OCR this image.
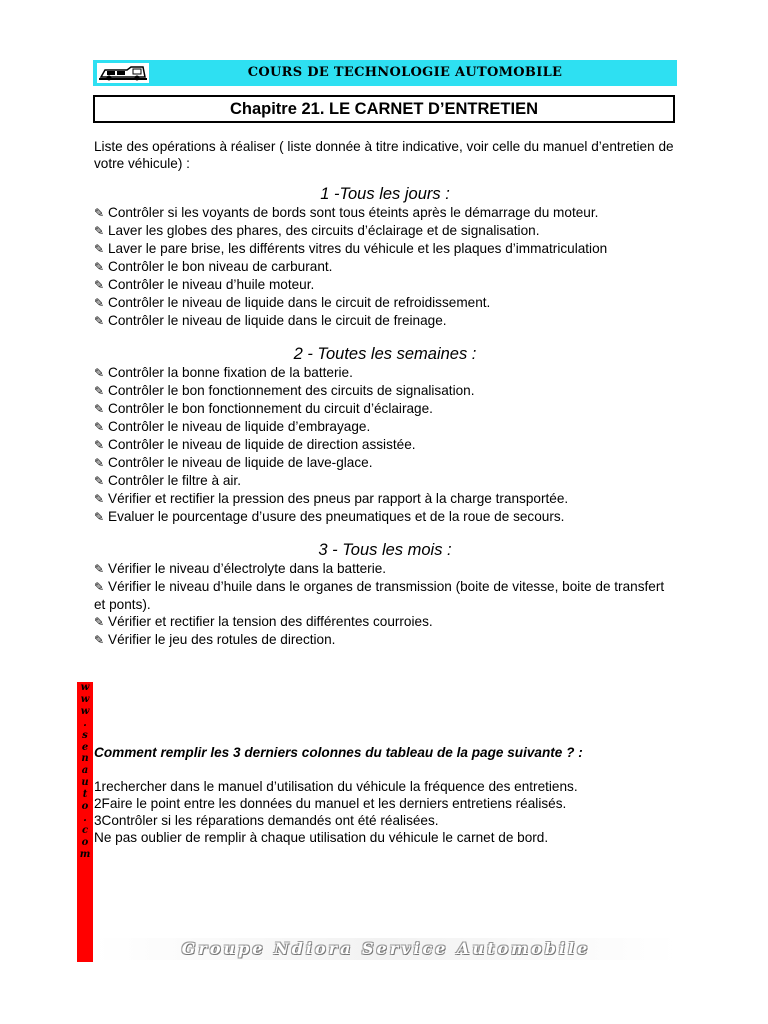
COURS DE TECHNOLOGIE AUTOMOBILE
Chapitre 21. LE CARNET D’ENTRETIEN

Liste des opérations à réaliser ( liste donnée à titre indicative, voir celle du manuel d’entretien de votre véhicule) :

1 -Tous les jours :

✎ Contrôler si les voyants de bords sont tous éteints après le démarrage du moteur.
✎ Laver les globes des phares, des circuits d’éclairage et de signalisation.
✎ Laver le pare brise, les différents vitres du véhicule et les plaques d’immatriculation
✎ Contrôler le bon niveau de carburant.
✎ Contrôler le niveau d’huile moteur.
✎ Contrôler le niveau de liquide dans le circuit de refroidissement.
✎ Contrôler le niveau de liquide dans le circuit de freinage.

2 - Toutes les semaines :

✎ Contrôler la bonne fixation de la batterie.
✎ Contrôler le bon fonctionnement des circuits de signalisation.
✎ Contrôler le bon fonctionnement du circuit d’éclairage.
✎ Contrôler le niveau de liquide d’embrayage.
✎ Contrôler le niveau de liquide de direction assistée.
✎ Contrôler le niveau de liquide de lave-glace.
✎ Contrôler le filtre à air.
✎ Vérifier et rectifier la pression des pneus par rapport à la charge transportée.
✎ Evaluer le pourcentage d’usure des pneumatiques et de la roue de secours.

3 - Tous les mois :

✎ Vérifier le niveau d’électrolyte dans la batterie.
✎ Vérifier le niveau d’huile dans le organes de transmission (boite de vitesse, boite de transfert et ponts).
✎ Vérifier et rectifier la tension des différentes courroies.
✎ Vérifier le jeu des rotules de direction.
w
w
w
.
s
e
n
a
u
t
o
.
c
o
m
Comment remplir les 3 derniers colonnes du tableau de la page suivante ? :
1rechercher dans le manuel d’utilisation du véhicule la fréquence des entretiens.
2Faire le point entre les données du manuel et les derniers entretiens réalisés.
3Contrôler si les réparations demandés ont été réalisées.
Ne pas oublier de remplir à chaque utilisation du véhicule le carnet de bord.
Groupe Ndiora Service Automobile
